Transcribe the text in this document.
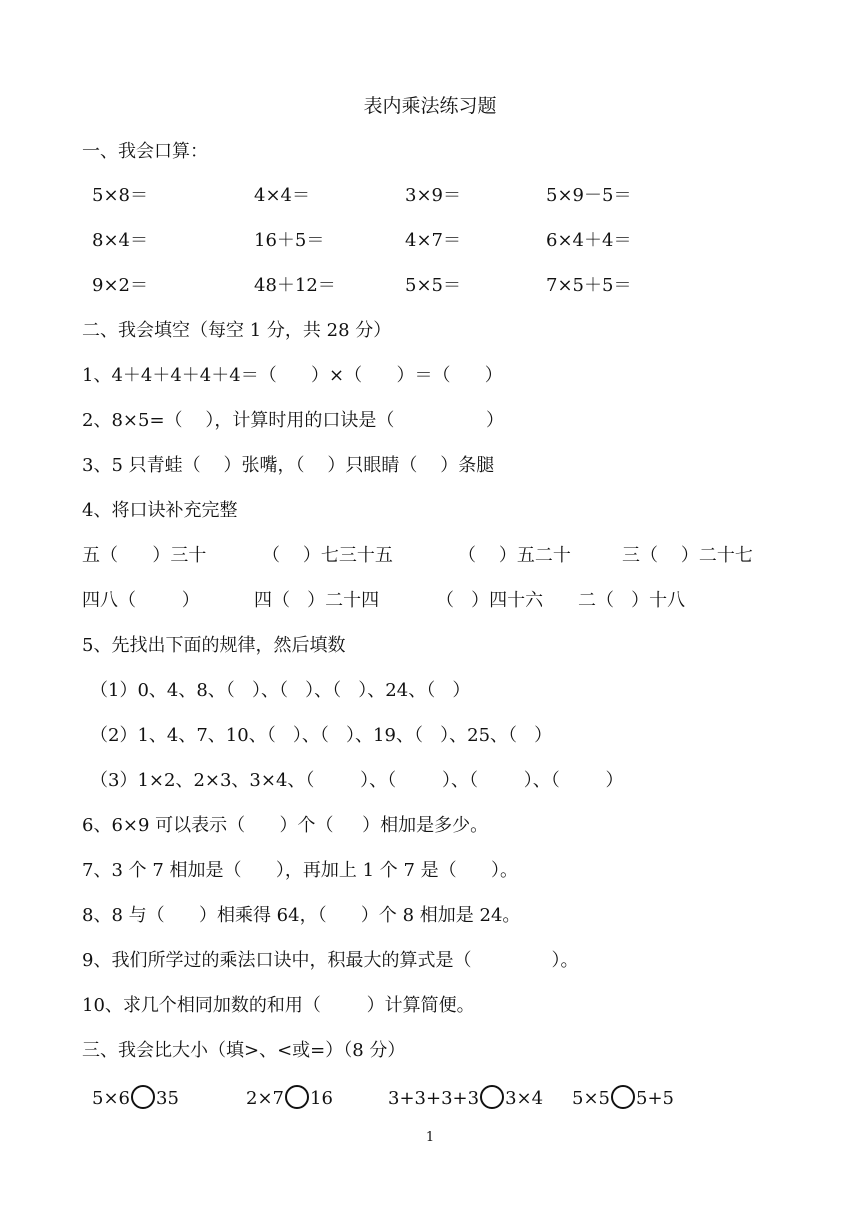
表内乘法练习题
一、我会口算：
5×8＝	4×4＝	3×9＝	5×9－5＝
8×4＝	16＋5＝	4×7＝	6×4＋4＝
9×2＝	48＋12＝	5×5＝	7×5＋5＝
二、我会填空（每空 1 分，共 28 分）
1、4＋4＋4＋4＋4＝（      ）×（      ）＝（      ）
2、8×5=（    ），计算时用的口诀是（                ）
3、5 只青蛙（    ）张嘴，（    ）只眼睛（    ）条腿
4、将口诀补充完整
五（      ）三十	（    ）七三十五	（    ）五二十	三（    ）二十七
四八（        ）	四（   ）二十四	（   ）四十六 二（   ）十八
5、先找出下面的规律，然后填数
（1）0、4、8、（   ）、（   ）、（   ）、24、（   ）
（2）1、4、7、10、（   ）、（   ）、19、（   ）、25、（   ）
（3）1×2、2×3、3×4、（        ）、（        ）、（        ）、（        ）
6、6×9 可以表示（      ）个（     ）相加是多少。
7、3 个 7 相加是（      ），再加上 1 个 7 是（      ）。
8、8 与（      ）相乘得 64，（      ）个 8 相加是 24。
9、我们所学过的乘法口诀中，积最大的算式是（              ）。
10、求几个相同加数的和用（        ）计算简便。
三、我会比大小（填>、<或=）（8 分）
5×6 35	2×7 16	3+3+3+3 3×4 5×5 5+5
1
